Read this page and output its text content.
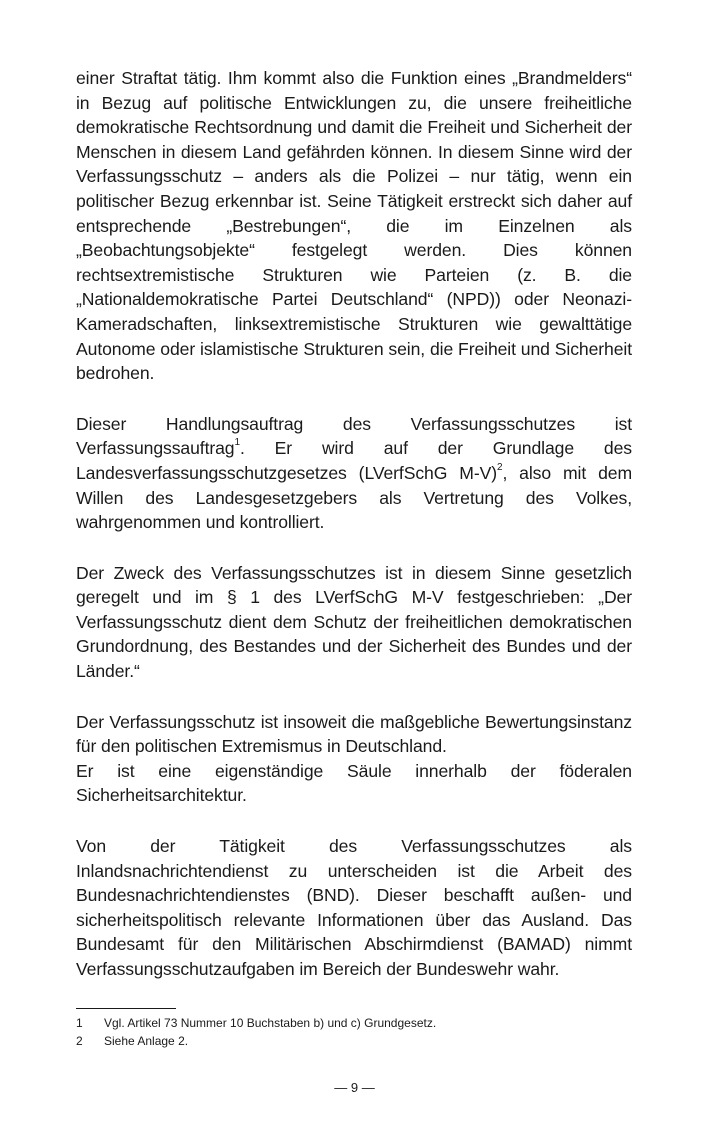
einer Straftat tätig. Ihm kommt also die Funktion eines „Brandmelders“ in Bezug auf politische Entwicklungen zu, die unsere freiheitliche demokratische Rechtsordnung und damit die Freiheit und Sicherheit der Menschen in diesem Land gefährden können. In diesem Sinne wird der Verfassungsschutz – anders als die Polizei – nur tätig, wenn ein politischer Bezug erkennbar ist. Seine Tätigkeit erstreckt sich daher auf entsprechende „Bestrebungen“, die im Einzelnen als „Beobachtungsobjekte“ festgelegt werden. Dies können rechtsextremistische Strukturen wie Parteien (z. B. die „Nationaldemokratische Partei Deutschland“ (NPD)) oder Neonazi-Kameradschaften, linksextremistische Strukturen wie gewalttätige Autonome oder islamistische Strukturen sein, die Freiheit und Sicherheit bedrohen.

Dieser Handlungsauftrag des Verfassungsschutzes ist Verfassungssauftrag$^1$. Er wird auf der Grundlage des Landesverfassungsschutzgesetzes (LVerfSchG M-V)$^2$, also mit dem Willen des Landesgesetzgebers als Vertretung des Volkes, wahrgenommen und kontrolliert.

Der Zweck des Verfassungsschutzes ist in diesem Sinne gesetzlich geregelt und im § 1 des LVerfSchG M-V festgeschrieben: „Der Verfassungsschutz dient dem Schutz der freiheitlichen demokratischen Grundordnung, des Bestandes und der Sicherheit des Bundes und der Länder.“

Der Verfassungsschutz ist insoweit die maßgebliche Bewertungsinstanz für den politischen Extremismus in Deutschland.
Er ist eine eigenständige Säule innerhalb der föderalen Sicherheitsarchitektur.

Von der Tätigkeit des Verfassungsschutzes als Inlandsnachrichtendienst zu unterscheiden ist die Arbeit des Bundesnachrichtendienstes (BND). Dieser beschafft außen- und sicherheitspolitisch relevante Informationen über das Ausland. Das Bundesamt für den Militärischen Abschirmdienst (BAMAD) nimmt Verfassungsschutzaufgaben im Bereich der Bundeswehr wahr.

1	Vgl. Artikel 73 Nummer 10 Buchstaben b) und c) Grundgesetz.
2	Siehe Anlage 2.
— 9 —
